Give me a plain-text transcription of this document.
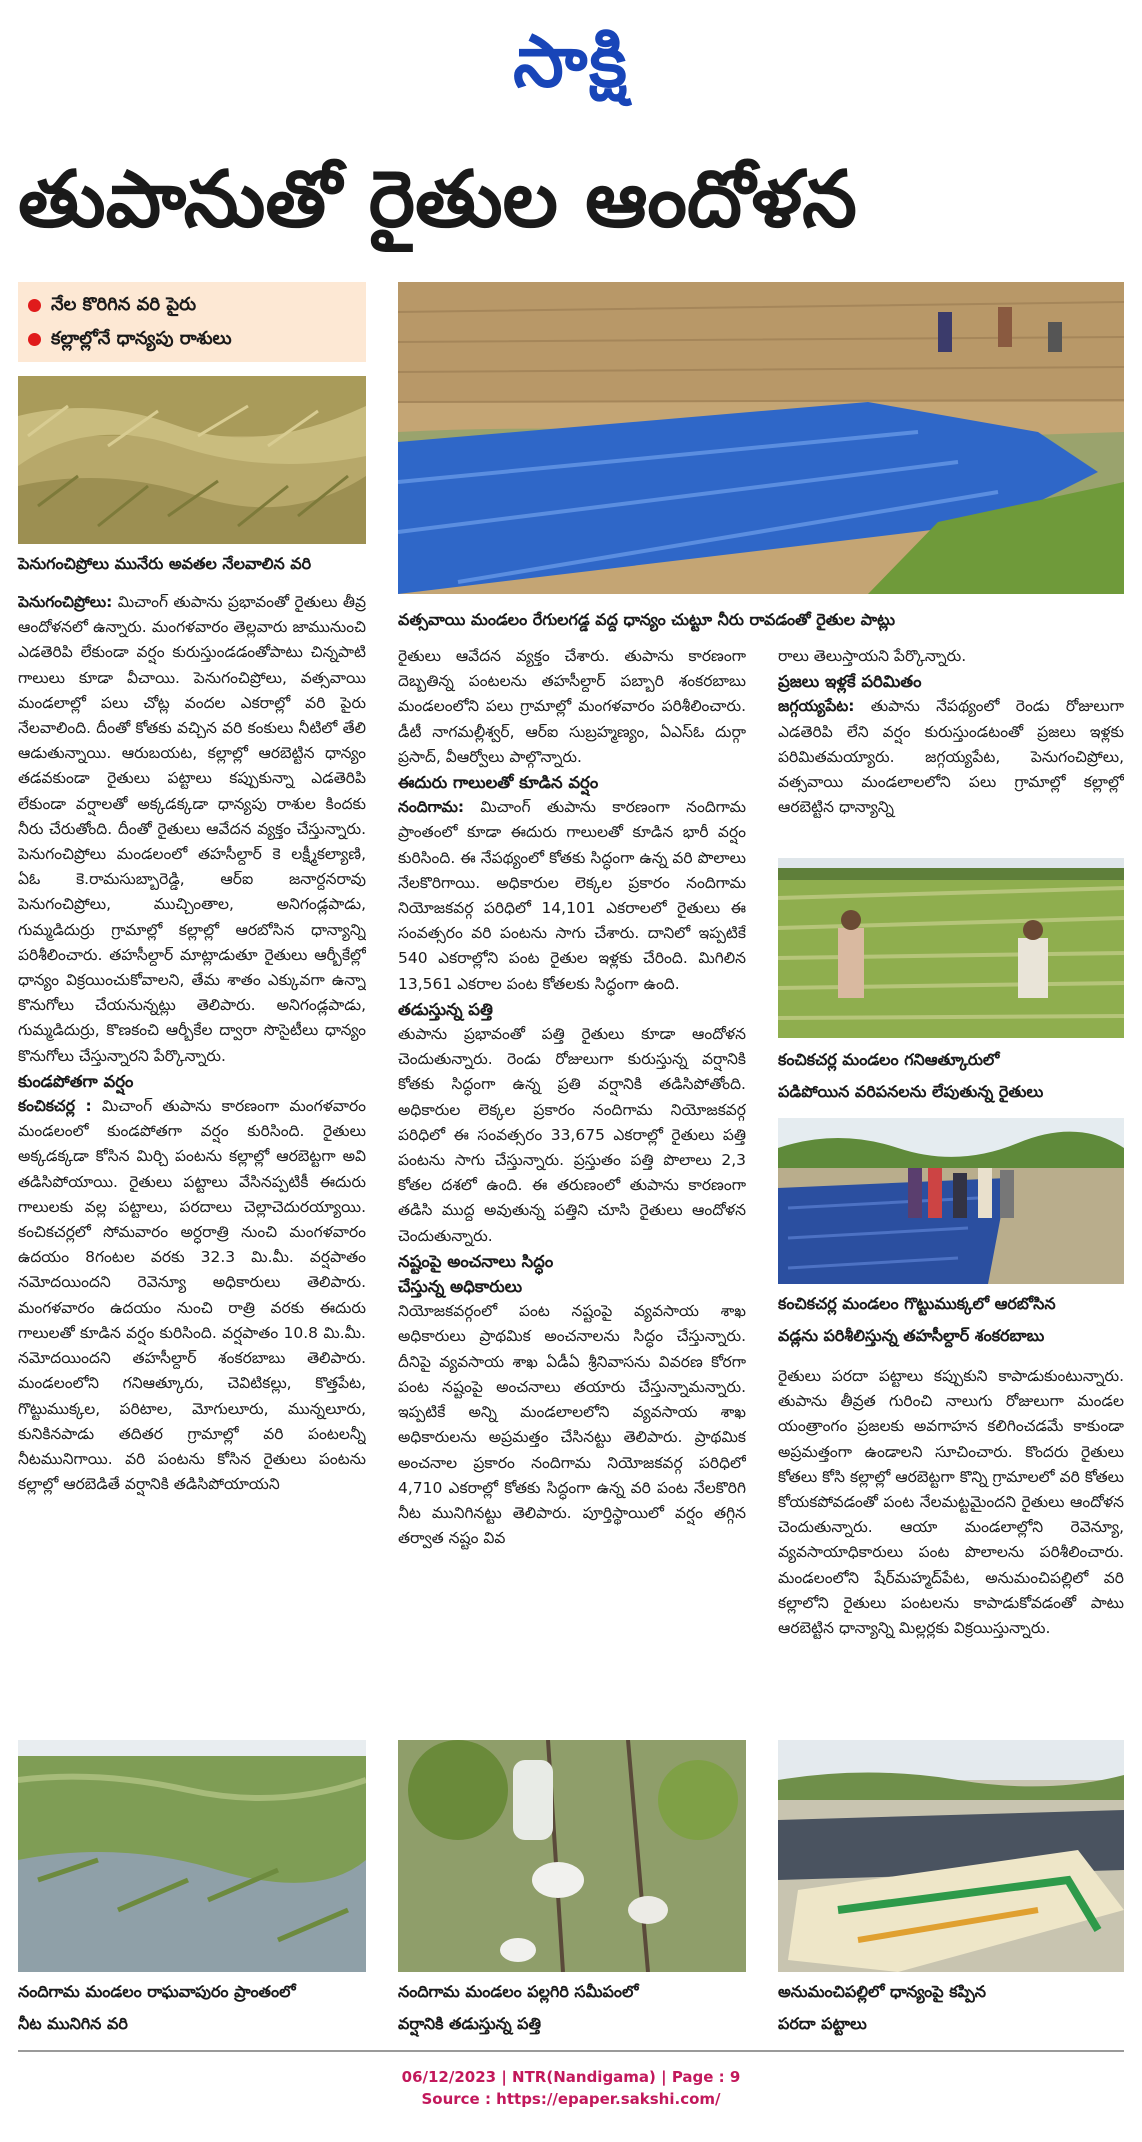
సాక్షి
తుపానుతో రైతుల ఆందోళన
నేల కొరిగిన వరి పైరు
కల్లాల్లోనే ధాన్యపు రాశులు
పెనుగంచిప్రోలు మునేరు అవతల నేలవాలిన వరి
వత్సవాయి మండలం రేగులగడ్డ వద్ద ధాన్యం చుట్టూ నీరు రావడంతో రైతుల పాట్లు

పెనుగంచిప్రోలు: మిచాంగ్ తుపాను ప్రభావంతో రైతులు తీవ్ర ఆందోళనలో ఉన్నారు. మంగళవారం తెల్లవారు జామునుంచి ఎడతెరిపి లేకుండా వర్షం కురుస్తుండడంతోపాటు చిన్నపాటి గాలులు కూడా వీచాయి. పెనుగంచిప్రోలు, వత్సవాయి మండలాల్లో పలు చోట్ల వందల ఎకరాల్లో వరి పైరు నేలవాలింది. దీంతో కోతకు వచ్చిన వరి కంకులు నీటిలో తేలి ఆడుతున్నాయి. ఆరుబయట, కల్లాల్లో ఆరబెట్టిన ధాన్యం తడవకుండా రైతులు పట్టాలు కప్పుకున్నా ఎడతెరిపి లేకుండా వర్షాలతో అక్కడక్కడా ధాన్యపు రాశుల కిందకు నీరు చేరుతోంది. దీంతో రైతులు ఆవేదన వ్యక్తం చేస్తున్నారు. పెనుగంచిప్రోలు మండలంలో తహసీల్దార్ కె లక్ష్మీకల్యాణి, ఏఓ కె.రామసుబ్బారెడ్డి, ఆర్ఐ జనార్దనరావు పెనుగంచిప్రోలు, ముచ్చింతాల, అనిగండ్లపాడు, గుమ్మడిదుర్రు గ్రామాల్లో కల్లాల్లో ఆరబోసిన ధాన్యాన్ని పరిశీలించారు. తహసీల్దార్ మాట్లాడుతూ రైతులు ఆర్బీకేల్లో ధాన్యం విక్రయించుకోవాలని, తేమ శాతం ఎక్కువగా ఉన్నా కొనుగోలు చేయనున్నట్లు తెలిపారు. అనిగండ్లపాడు, గుమ్మడిదుర్రు, కొణకంచి ఆర్బీకేల ద్వారా సొసైటీలు ధాన్యం కొనుగోలు చేస్తున్నారని పేర్కొన్నారు.

కుండపోతగా వర్షం

కంచికచర్ల : మిచాంగ్ తుపాను కారణంగా మంగళవారం మండలంలో కుండపోతగా వర్షం కురిసింది. రైతులు అక్కడక్కడా కోసిన మిర్చి పంటను కల్లాల్లో ఆరబెట్టగా అవి తడిసిపోయాయి. రైతులు పట్టాలు వేసినప్పటికీ ఈదురు గాలులకు వల్ల పట్టాలు, పరదాలు చెల్లాచెదురయ్యాయి. కంచికచర్లలో సోమవారం అర్ధరాత్రి నుంచి మంగళవారం ఉదయం 8గంటల వరకు 32.3 మి.మీ. వర్షపాతం నమోదయిందని రెవెన్యూ అధికారులు తెలిపారు. మంగళవారం ఉదయం నుంచి రాత్రి వరకు ఈదురు గాలులతో కూడిన వర్షం కురిసింది. వర్షపాతం 10.8 మి.మీ. నమోదయిందని తహసీల్దార్ శంకరబాబు తెలిపారు. మండలంలోని గనిఆత్కూరు, చెవిటికల్లు, కొత్తపేట, గొట్టుముక్కల, పరిటాల, మోగులూరు, మున్నలూరు, కునికినపాడు తదితర గ్రామాల్లో వరి పంటలన్నీ నీటమునిగాయి. వరి పంటను కోసిన రైతులు పంటను కల్లాల్లో ఆరబెడితే వర్షానికి తడిసిపోయాయని

రైతులు ఆవేదన వ్యక్తం చేశారు. తుపాను కారణంగా దెబ్బతిన్న పంటలను తహసీల్దార్ పబ్బారి శంకరబాబు మండలంలోని పలు గ్రామాల్లో మంగళవారం పరిశీలించారు. డీటీ నాగమల్లీశ్వర్, ఆర్ఐ సుబ్రహ్మణ్యం, ఏఎస్ఓ దుర్గా ప్రసాద్, వీఆర్వోలు పాల్గొన్నారు.

ఈదురు గాలులతో కూడిన వర్షం

నందిగామ: మిచాంగ్ తుపాను కారణంగా నందిగామ ప్రాంతంలో కూడా ఈదురు గాలులతో కూడిన భారీ వర్షం కురిసింది. ఈ నేపథ్యంలో కోతకు సిద్ధంగా ఉన్న వరి పొలాలు నేలకొరిగాయి. అధికారుల లెక్కల ప్రకారం నందిగామ నియోజకవర్గ పరిధిలో 14,101 ఎకరాలలో రైతులు ఈ సంవత్సరం వరి పంటను సాగు చేశారు. దానిలో ఇప్పటికే 540 ఎకరాల్లోని పంట రైతుల ఇళ్లకు చేరింది. మిగిలిన 13,561 ఎకరాల పంట కోతలకు సిద్ధంగా ఉంది.

తడుస్తున్న పత్తి

తుపాను ప్రభావంతో పత్తి రైతులు కూడా ఆందోళన చెందుతున్నారు. రెండు రోజులుగా కురుస్తున్న వర్షానికి కోతకు సిద్ధంగా ఉన్న ప్రతి వర్షానికి తడిసిపోతోంది. అధికారుల లెక్కల ప్రకారం నందిగామ నియోజకవర్గ పరిధిలో ఈ సంవత్సరం 33,675 ఎకరాల్లో రైతులు పత్తి పంటను సాగు చేస్తున్నారు. ప్రస్తుతం పత్తి పొలాలు 2,3 కోతల దశలో ఉంది. ఈ తరుణంలో తుపాను కారణంగా తడిసి ముద్ద అవుతున్న పత్తిని చూసి రైతులు ఆందోళన చెందుతున్నారు.

నష్టంపై అంచనాలు సిద్ధం

చేస్తున్న అధికారులు

నియోజకవర్గంలో పంట నష్టంపై వ్యవసాయ శాఖ అధికారులు ప్రాథమిక అంచనాలను సిద్ధం చేస్తున్నారు. దీనిపై వ్యవసాయ శాఖ ఏడీఏ శ్రీనివాసను వివరణ కోరగా పంట నష్టంపై అంచనాలు తయారు చేస్తున్నామన్నారు. ఇప్పటికే అన్ని మండలాలలోని వ్యవసాయ శాఖ అధికారులను అప్రమత్తం చేసినట్టు తెలిపారు. ప్రాథమిక అంచనాల ప్రకారం నందిగామ నియోజకవర్గ పరిధిలో 4,710 ఎకరాల్లో కోతకు సిద్ధంగా ఉన్న వరి పంట నేలకొరిగి నీట మునిగినట్టు తెలిపారు. పూర్తిస్థాయిలో వర్షం తగ్గిన తర్వాత నష్టం వివ

రాలు తెలుస్తాయని పేర్కొన్నారు.

ప్రజలు ఇళ్లకే పరిమితం

జగ్గయ్యపేట: తుపాను నేపథ్యంలో రెండు రోజులుగా ఎడతెరిపి లేని వర్షం కురుస్తుండటంతో ప్రజలు ఇళ్లకు పరిమితమయ్యారు. జగ్గయ్యపేట, పెనుగంచిప్రోలు, వత్సవాయి మండలాలలోని పలు గ్రామాల్లో కల్లాల్లో ఆరబెట్టిన ధాన్యాన్ని

కంచికచర్ల మండలం గనిఆత్కూరులో
పడిపోయిన వరిపనలను లేపుతున్న రైతులు
కంచికచర్ల మండలం గొట్టుముక్కలో ఆరబోసిన
వడ్లను పరిశీలిస్తున్న తహసీల్దార్ శంకరబాబు

రైతులు పరదా పట్టాలు కప్పుకుని కాపాడుకుంటున్నారు. తుపాను తీవ్రత గురించి నాలుగు రోజులుగా మండల యంత్రాంగం ప్రజలకు అవగాహన కలిగించడమే కాకుండా అప్రమత్తంగా ఉండాలని సూచించారు. కొందరు రైతులు కోతలు కోసి కల్లాల్లో ఆరబెట్టగా కొన్ని గ్రామాలలో వరి కోతలు కోయకపోవడంతో పంట నేలమట్టమైందని రైతులు ఆందోళన చెందుతున్నారు. ఆయా మండలాల్లోని రెవెన్యూ, వ్యవసాయాధికారులు పంట పొలాలను పరిశీలించారు. మండలంలోని షేర్‌మహ్మద్‌పేట, అనుమంచిపల్లిలో వరి కల్లాలోని రైతులు పంటలను కాపాడుకోవడంతో పాటు ఆరబెట్టిన ధాన్యాన్ని మిల్లర్లకు విక్రయిస్తున్నారు.

నందిగామ మండలం రాఘవాపురం ప్రాంతంలో
నీట మునిగిన వరి
నందిగామ మండలం పల్లగిరి సమీపంలో
వర్షానికి తడుస్తున్న పత్తి
అనుమంచిపల్లిలో ధాన్యంపై కప్పిన
పరదా పట్టాలు
06/12/2023 | NTR(Nandigama) | Page : 9
Source : https://epaper.sakshi.com/
